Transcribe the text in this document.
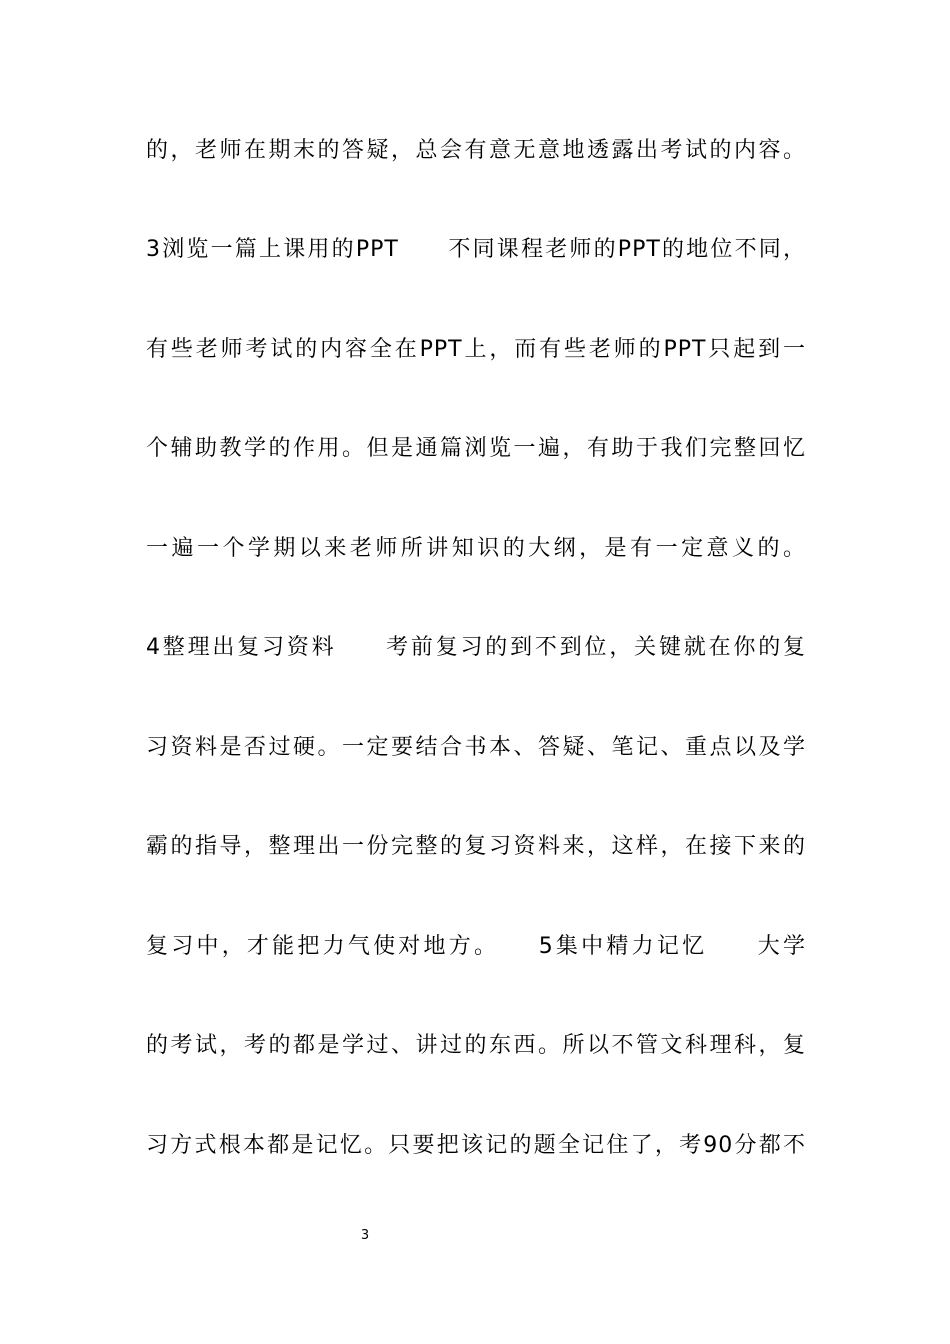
的，老师在期末的答疑，总会有意无意地透露出考试的内容。
3浏览一篇上课用的PPT　　不同课程老师的PPT的地位不同，
有些老师考试的内容全在PPT上，而有些老师的PPT只起到一
个辅助教学的作用。但是通篇浏览一遍，有助于我们完整回忆
一遍一个学期以来老师所讲知识的大纲，是有一定意义的。
4整理出复习资料　　考前复习的到不到位，关键就在你的复
习资料是否过硬。一定要结合书本、答疑、笔记、重点以及学
霸的指导，整理出一份完整的复习资料来，这样，在接下来的
复习中，才能把力气使对地方。　　5集中精力记忆　　大学
的考试，考的都是学过、讲过的东西。所以不管文科理科，复
习方式根本都是记忆。只要把该记的题全记住了，考90分都不
3
